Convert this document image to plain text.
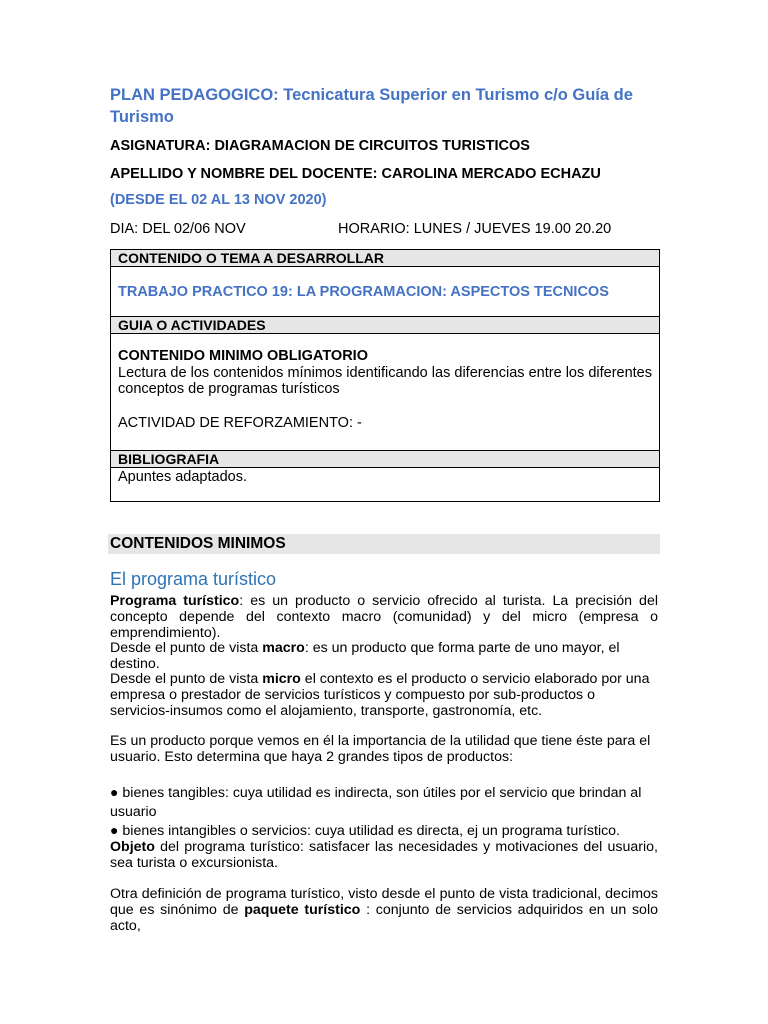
PLAN PEDAGOGICO: Tecnicatura Superior en Turismo c/o Guía de Turismo
ASIGNATURA: DIAGRAMACION DE CIRCUITOS TURISTICOS
APELLIDO Y NOMBRE DEL DOCENTE: CAROLINA MERCADO ECHAZU
(DESDE EL 02 AL 13 NOV 2020)
DIA: DEL 02/06 NOV	HORARIO: LUNES / JUEVES 19.00 20.20
CONTENIDO O TEMA A DESARROLLAR
TRABAJO PRACTICO 19: LA PROGRAMACION: ASPECTOS TECNICOS
GUIA O ACTIVIDADES
CONTENIDO MINIMO OBLIGATORIO
Lectura de los contenidos mínimos identificando las diferencias entre los diferentes conceptos de programas turísticos
ACTIVIDAD DE REFORZAMIENTO: -
BIBLIOGRAFIA
Apuntes adaptados.
CONTENIDOS MINIMOS
El programa turístico
Programa turístico: es un producto o servicio ofrecido al turista. La precisión del concepto depende del contexto macro (comunidad) y del micro (empresa o emprendimiento).
Desde el punto de vista macro: es un producto que forma parte de uno mayor, el destino.
Desde el punto de vista micro el contexto es el producto o servicio elaborado por una empresa o prestador de servicios turísticos y compuesto por sub-productos o servicios-insumos como el alojamiento, transporte, gastronomía, etc.
Es un producto porque vemos en él la importancia de la utilidad que tiene éste para el usuario. Esto determina que haya 2 grandes tipos de productos:
● bienes tangibles: cuya utilidad es indirecta, son útiles por el servicio que brindan al usuario
● bienes intangibles o servicios: cuya utilidad es directa, ej un programa turístico.
Objeto del programa turístico: satisfacer las necesidades y motivaciones del usuario, sea turista o excursionista.
Otra definición de programa turístico, visto desde el punto de vista tradicional, decimos que es sinónimo de paquete turístico : conjunto de servicios adquiridos en un solo acto,
